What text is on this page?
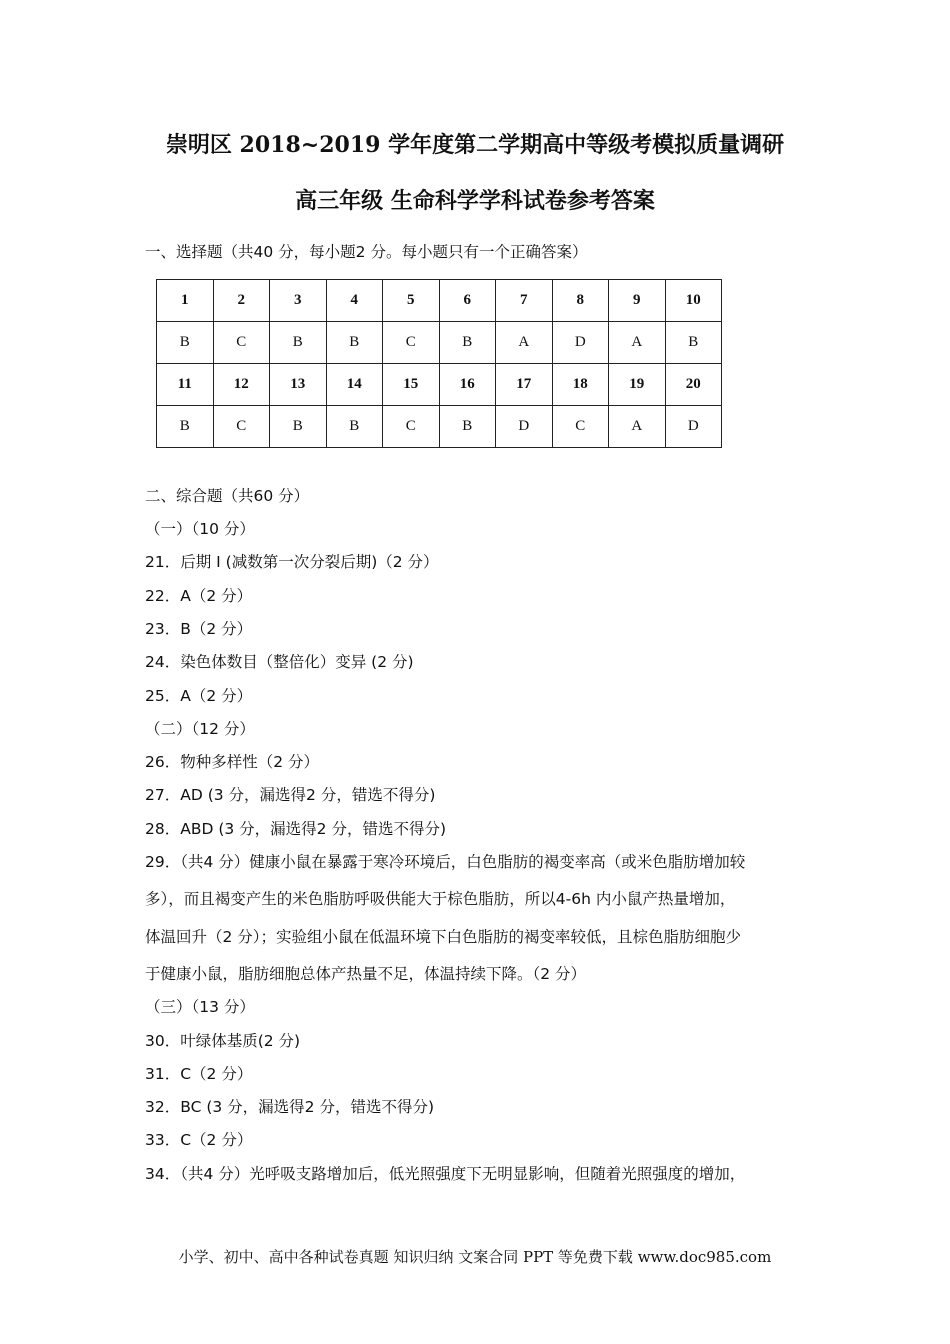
崇明区 2018~2019 学年度第二学期高中等级考模拟质量调研
高三年级 生命科学学科试卷参考答案
一、选择题（共40 分，每小题2 分。每小题只有一个正确答案）
1	2	3	4	5	6	7	8	9	10
B	C	B	B	C	B	A	D	A	B
11	12	13	14	15	16	17	18	19	20
B	C	B	B	C	B	D	C	A	D
二、综合题（共60 分）
（一）（10 分）
21．后期 I (减数第一次分裂后期)（2 分）
22．A（2 分）
23．B（2 分）
24．染色体数目（整倍化）变异 (2 分)
25．A（2 分）
（二）（12 分）
26．物种多样性（2 分）
27．AD (3 分，漏选得2 分，错选不得分)
28．ABD (3 分，漏选得2 分，错选不得分)
29．（共4 分）健康小鼠在暴露于寒冷环境后，白色脂肪的褐变率高（或米色脂肪增加较
多），而且褐变产生的米色脂肪呼吸供能大于棕色脂肪，所以4-6h 内小鼠产热量增加，
体温回升（2 分）；实验组小鼠在低温环境下白色脂肪的褐变率较低，且棕色脂肪细胞少
于健康小鼠，脂肪细胞总体产热量不足，体温持续下降。（2 分）
（三）（13 分）
30．叶绿体基质(2 分)
31．C（2 分）
32．BC (3 分，漏选得2 分，错选不得分)
33．C（2 分）
34．（共4 分）光呼吸支路增加后，低光照强度下无明显影响，但随着光照强度的增加，
小学、初中、高中各种试卷真题 知识归纳 文案合同 PPT 等免费下载 www.doc985.com
